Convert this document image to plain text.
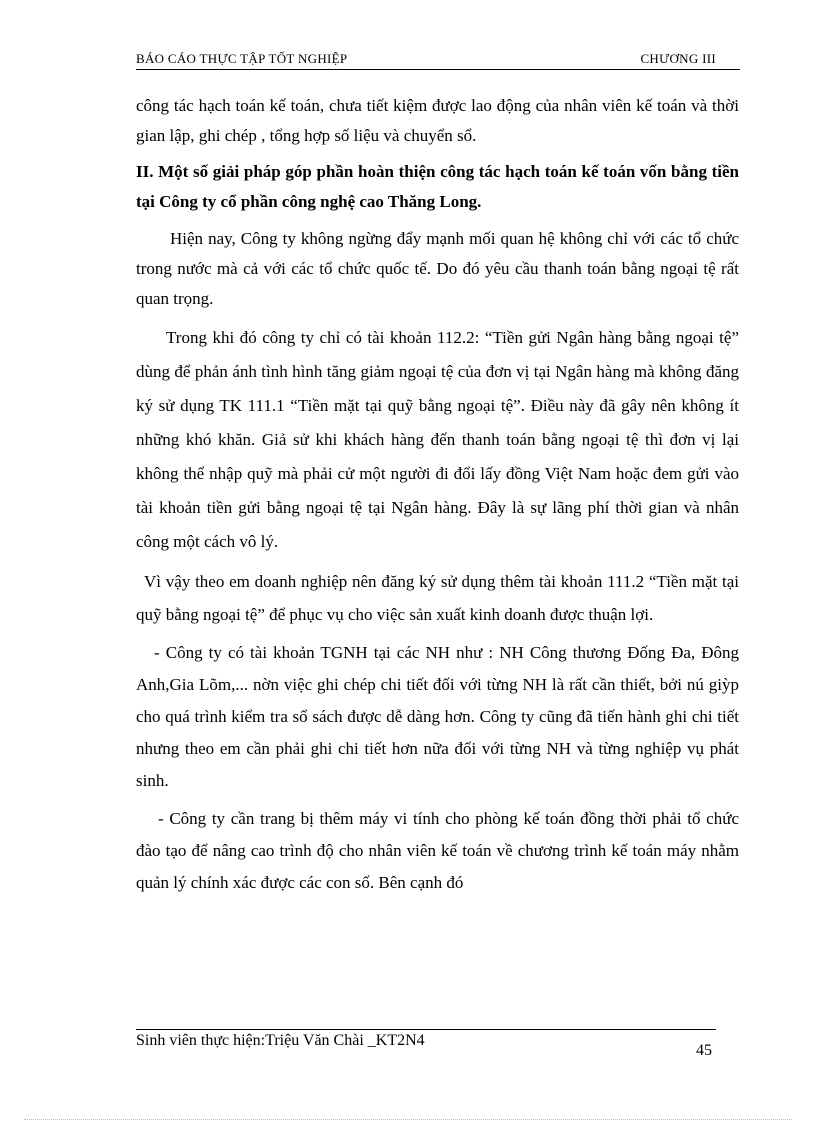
BÁO CÁO THỰC TẬP TỐT NGHIỆP	CHƯƠNG III

công tác hạch toán kế toán, chưa tiết kiệm được lao động của nhân viên kế toán và thời gian lập, ghi chép , tổng hợp số liệu và chuyển sổ.

II. Một số giải pháp góp phần hoàn thiện công tác hạch toán kế toán vốn bằng tiền tại Công ty cổ phần công nghệ cao Thăng Long.

Hiện nay, Công ty không ngừng đẩy mạnh mối quan hệ không chỉ với các tổ chức trong nước mà cả với các tổ chức quốc tế. Do đó yêu cầu thanh toán bằng ngoại tệ rất quan trọng.

Trong khi đó công ty chỉ có tài khoản 112.2: “Tiền gửi Ngân hàng bằng ngoại tệ” dùng để phản ánh tình hình tăng giảm ngoại tệ của đơn vị tại Ngân hàng mà không đăng ký sử dụng TK 111.1 “Tiền mặt tại quỹ bằng ngoại tệ”. Điều này đã gây nên không ít những khó khăn. Giả sử khi khách hàng đến thanh toán bằng ngoại tệ thì đơn vị lại không thể nhập quỹ mà phải cử một người đi đổi lấy đồng Việt Nam hoặc đem gửi vào tài khoản tiền gửi bằng ngoại tệ tại Ngân hàng. Đây là sự lãng phí thời gian và nhân công một cách vô lý.

Vì vậy theo em doanh nghiệp nên đăng ký sử dụng thêm tài khoản 111.2 “Tiền mặt tại quỹ bằng ngoại tệ” để phục vụ cho việc sản xuất kinh doanh được thuận lợi.

- Công ty có tài khoản TGNH tại các NH như : NH Công thương Đống Đa, Đông Anh,Gia Lõm,... nờn việc ghi chép chi tiết đối với từng NH là rất cần thiết, bởi nú giỳp cho quá trình kiểm tra sổ sách được dễ dàng hơn. Công ty cũng đã tiến hành ghi chi tiết nhưng theo em cần phải ghi chi tiết hơn nữa đối với từng NH và từng nghiệp vụ phát sinh.

- Công ty cần trang bị thêm máy vi tính cho phòng kế toán đồng thời phải tổ chức đào tạo để nâng cao trình độ cho nhân viên kế toán về chương trình kế toán máy nhằm quản lý chính xác được các con số. Bên cạnh đó

Sinh viên thực hiện:Triệu Văn Chài _KT2N4
45
